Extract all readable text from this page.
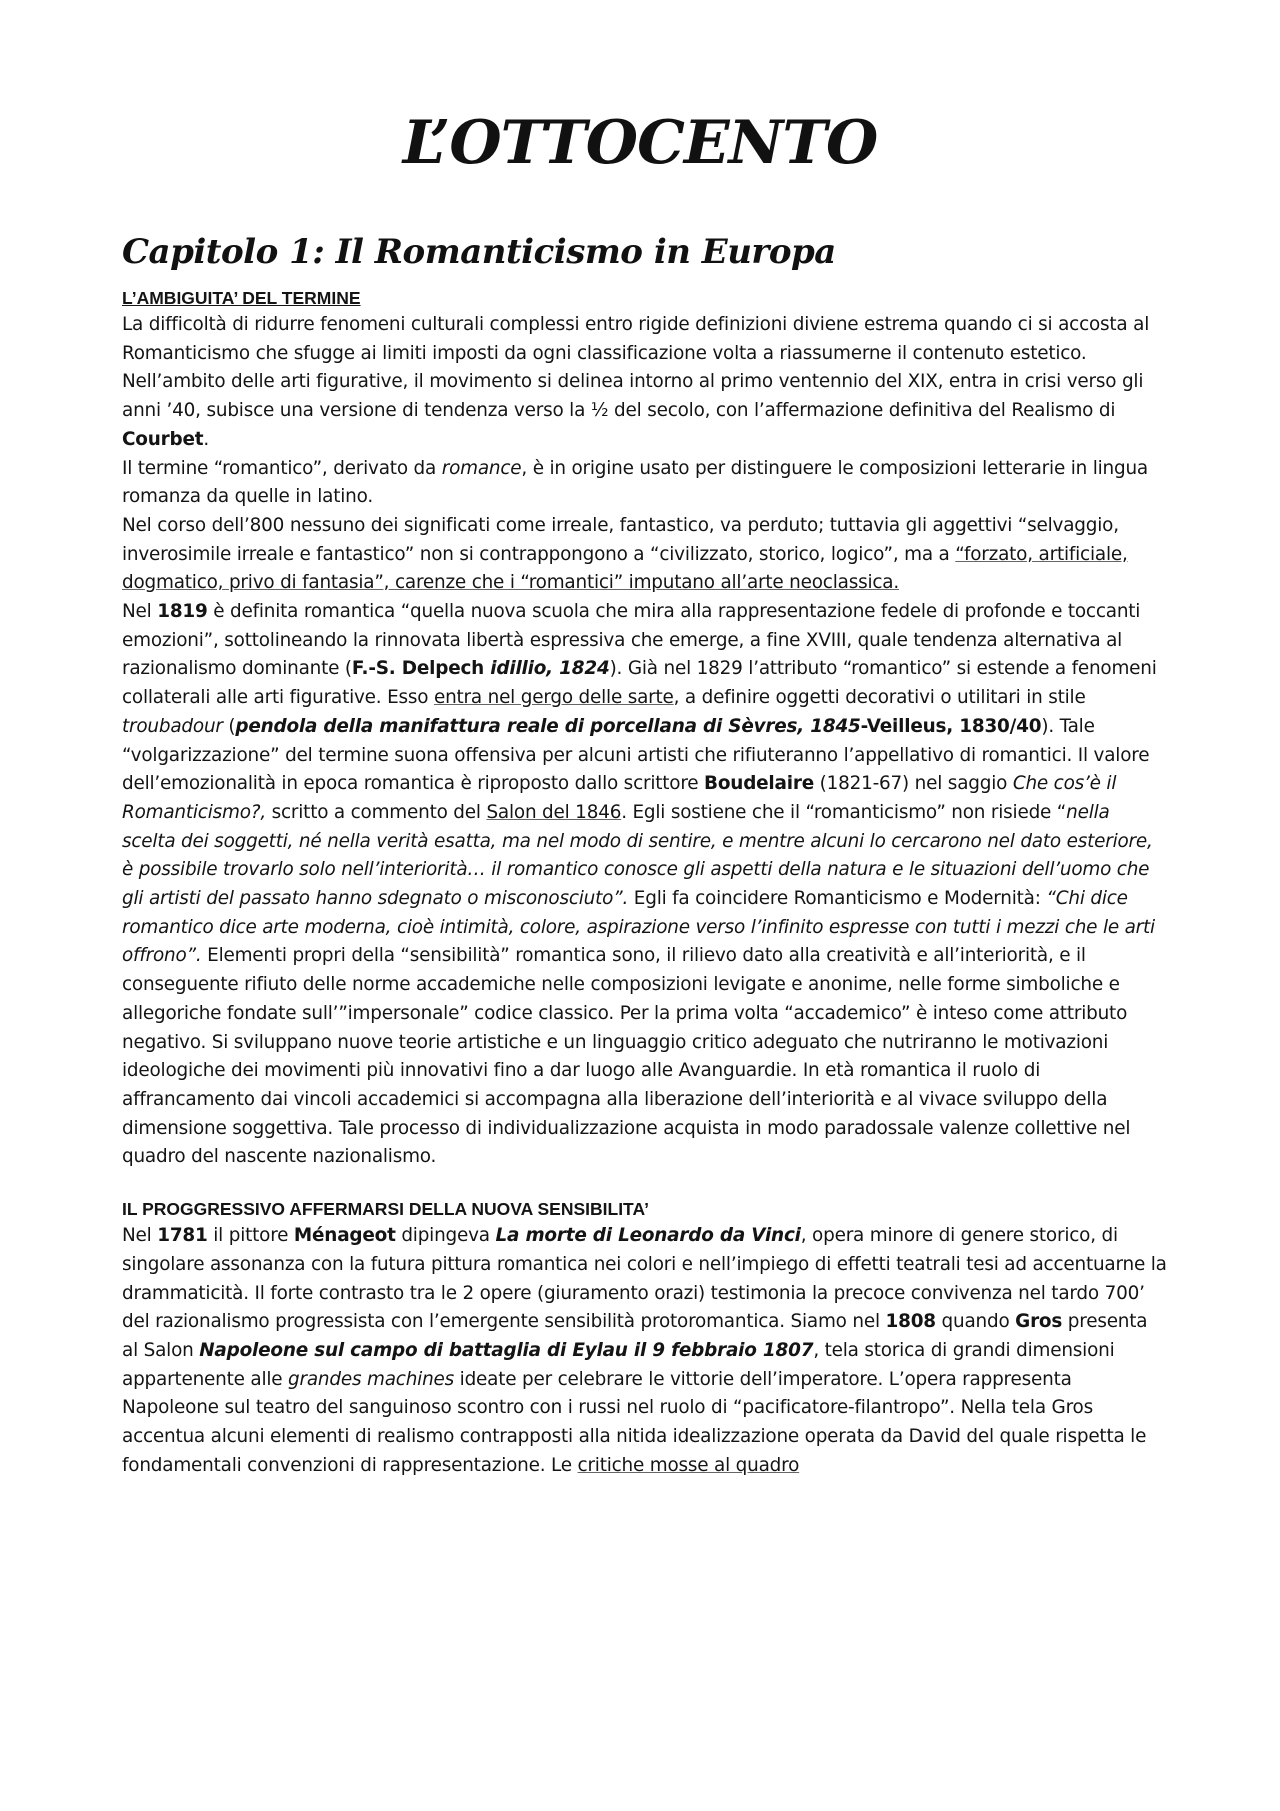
L’OTTOCENTO
Capitolo 1: Il Romanticismo in Europa
L’AMBIGUITA’ DEL TERMINE

La difficoltà di ridurre fenomeni culturali complessi entro rigide definizioni diviene estrema quando ci si accosta al Romanticismo che sfugge ai limiti imposti da ogni classificazione volta a riassumerne il contenuto estetico. Nell’ambito delle arti figurative, il movimento si delinea intorno al primo ventennio del XIX, entra in crisi verso gli anni ’40, subisce una versione di tendenza verso la ½ del secolo, con l’affermazione definitiva del Realismo di Courbet.

Il termine “romantico”, derivato da romance, è in origine usato per distinguere le composizioni letterarie in lingua romanza da quelle in latino.

Nel corso dell’800 nessuno dei significati come irreale, fantastico, va perduto; tuttavia gli aggettivi “selvaggio, inverosimile irreale e fantastico” non si contrappongono a “civilizzato, storico, logico”, ma a “forzato, artificiale, dogmatico, privo di fantasia”, carenze che i “romantici” imputano all’arte neoclassica.

Nel 1819 è definita romantica “quella nuova scuola che mira alla rappresentazione fedele di profonde e toccanti emozioni”, sottolineando la rinnovata libertà espressiva che emerge, a fine XVIII, quale tendenza alternativa al razionalismo dominante (F.-S. Delpech idillio, 1824). Già nel 1829 l’attributo “romantico” si estende a fenomeni collaterali alle arti figurative. Esso entra nel gergo delle sarte, a definire oggetti decorativi o utilitari in stile troubadour (pendola della manifattura reale di porcellana di Sèvres, 1845-Veilleus, 1830/40). Tale “volgarizzazione” del termine suona offensiva per alcuni artisti che rifiuteranno l’appellativo di romantici. Il valore dell’emozionalità in epoca romantica è riproposto dallo scrittore Boudelaire (1821-67) nel saggio Che cos’è il Romanticismo?, scritto a commento del Salon del 1846. Egli sostiene che il “romanticismo” non risiede “nella scelta dei soggetti, né nella verità esatta, ma nel modo di sentire, e mentre alcuni lo cercarono nel dato esteriore, è possibile trovarlo solo nell’interiorità… il romantico conosce gli aspetti della natura e le situazioni dell’uomo che gli artisti del passato hanno sdegnato o misconosciuto”. Egli fa coincidere Romanticismo e Modernità: “Chi dice romantico dice arte moderna, cioè intimità, colore, aspirazione verso l’infinito espresse con tutti i mezzi che le arti offrono”. Elementi propri della “sensibilità” romantica sono, il rilievo dato alla creatività e all’interiorità, e il conseguente rifiuto delle norme accademiche nelle composizioni levigate e anonime, nelle forme simboliche e allegoriche fondate sull’”impersonale” codice classico. Per la prima volta “accademico” è inteso come attributo negativo. Si sviluppano nuove teorie artistiche e un linguaggio critico adeguato che nutriranno le motivazioni ideologiche dei movimenti più innovativi fino a dar luogo alle Avanguardie. In età romantica il ruolo di affrancamento dai vincoli accademici si accompagna alla liberazione dell’interiorità e al vivace sviluppo della dimensione soggettiva. Tale processo di individualizzazione acquista in modo paradossale valenze collettive nel quadro del nascente nazionalismo.

IL PROGGRESSIVO AFFERMARSI DELLA NUOVA SENSIBILITA’

Nel 1781 il pittore Ménageot dipingeva La morte di Leonardo da Vinci, opera minore di genere storico, di singolare assonanza con la futura pittura romantica nei colori e nell’impiego di effetti teatrali tesi ad accentuarne la drammaticità. Il forte contrasto tra le 2 opere (giuramento orazi) testimonia la precoce convivenza nel tardo 700’ del razionalismo progressista con l’emergente sensibilità protoromantica. Siamo nel 1808 quando Gros presenta al Salon Napoleone sul campo di battaglia di Eylau il 9 febbraio 1807, tela storica di grandi dimensioni appartenente alle grandes machines ideate per celebrare le vittorie dell’imperatore. L’opera rappresenta Napoleone sul teatro del sanguinoso scontro con i russi nel ruolo di “pacificatore-filantropo”. Nella tela Gros accentua alcuni elementi di realismo contrapposti alla nitida idealizzazione operata da David del quale rispetta le fondamentali convenzioni di rappresentazione. Le critiche mosse al quadro
